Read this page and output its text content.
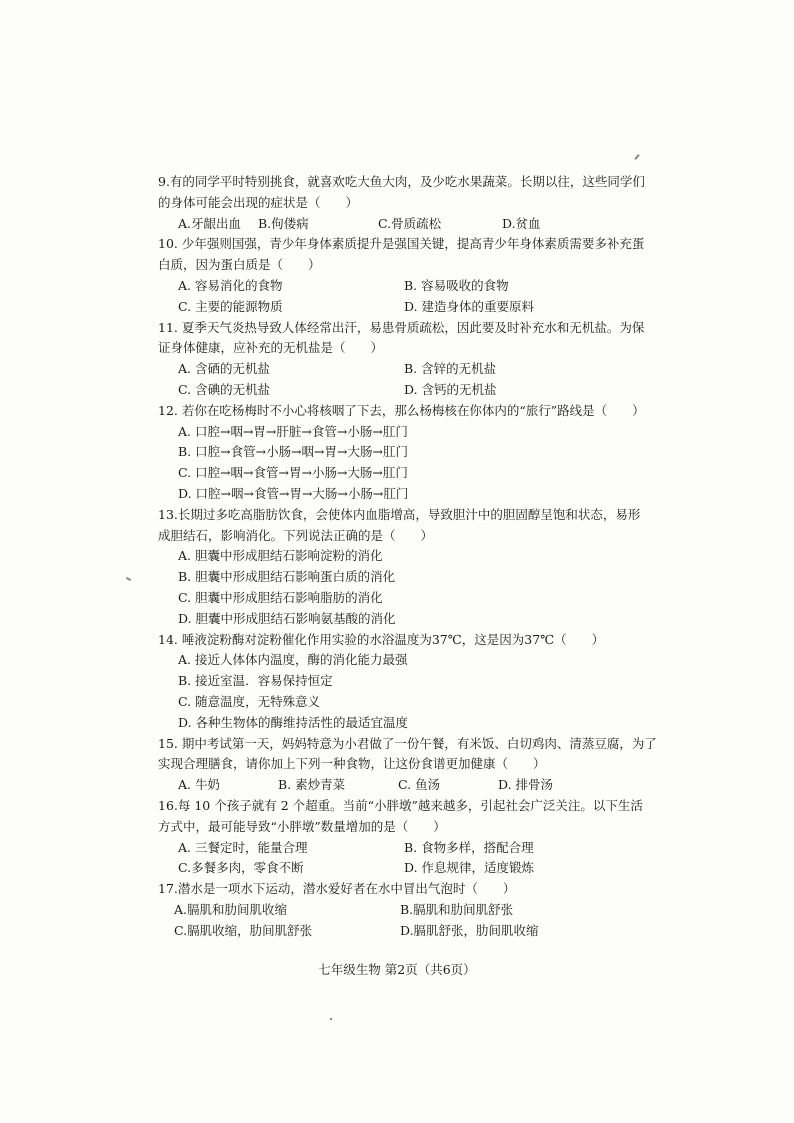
9.有的同学平时特别挑食，就喜欢吃大鱼大肉，及少吃水果蔬菜。长期以往，这些同学们

的身体可能会出现的症状是（　　）

A.牙龈出血	B.佝偻病	C.骨质疏松	D.贫血

10. 少年强则国强，青少年身体素质提升是强国关键，提高青少年身体素质需要多补充蛋

白质，因为蛋白质是（　　）

A. 容易消化的食物	B. 容易吸收的食物
C. 主要的能源物质	D. 建造身体的重要原料

11. 夏季天气炎热导致人体经常出汗，易患骨质疏松，因此要及时补充水和无机盐。为保

证身体健康，应补充的无机盐是（　　）

A. 含硒的无机盐	B. 含锌的无机盐
C. 含碘的无机盐	D. 含钙的无机盐

12. 若你在吃杨梅时不小心将核咽了下去，那么杨梅核在你体内的“旅行”路线是（　　）

A. 口腔→咽→胃→肝脏→食管→小肠→肛门

B. 口腔→食管→小肠→咽→胃→大肠→肛门

C. 口腔→咽→食管→胃→小肠→大肠→肛门

D. 口腔→咽→食管→胃→大肠→小肠→肛门

13.长期过多吃高脂肪饮食，会使体内血脂增高，导致胆汁中的胆固醇呈饱和状态，易形

成胆结石，影响消化。下列说法正确的是（　　）

A. 胆囊中形成胆结石影响淀粉的消化

B. 胆囊中形成胆结石影响蛋白质的消化

C. 胆囊中形成胆结石影响脂肪的消化

D. 胆囊中形成胆结石影响氨基酸的消化

14. 唾液淀粉酶对淀粉催化作用实验的水浴温度为37℃，这是因为37℃（　　）

A. 接近人体体内温度，酶的消化能力最强

B. 接近室温．容易保持恒定

C. 随意温度，无特殊意义

D. 各种生物体的酶维持活性的最适宜温度

15. 期中考试第一天，妈妈特意为小君做了一份午餐，有米饭、白切鸡肉、清蒸豆腐，为了

实现合理膳食，请你加上下列一种食物，让这份食谱更加健康（　　）

A. 牛奶	B. 素炒青菜	C. 鱼汤	D. 排骨汤

16.每 10 个孩子就有 2 个超重。当前“小胖墩”越来越多，引起社会广泛关注。以下生活

方式中，最可能导致“小胖墩”数量增加的是（　　）

A. 三餐定时，能量合理	B. 食物多样，搭配合理
C.多餐多肉，零食不断	D. 作息规律，适度锻炼

17.潜水是一项水下运动，潜水爱好者在水中冒出气泡时（　　）

A.膈肌和肋间肌收缩	B.膈肌和肋间肌舒张
C.膈肌收缩，肋间肌舒张	D.膈肌舒张，肋间肌收缩
七年级生物 第2页（共6页）
